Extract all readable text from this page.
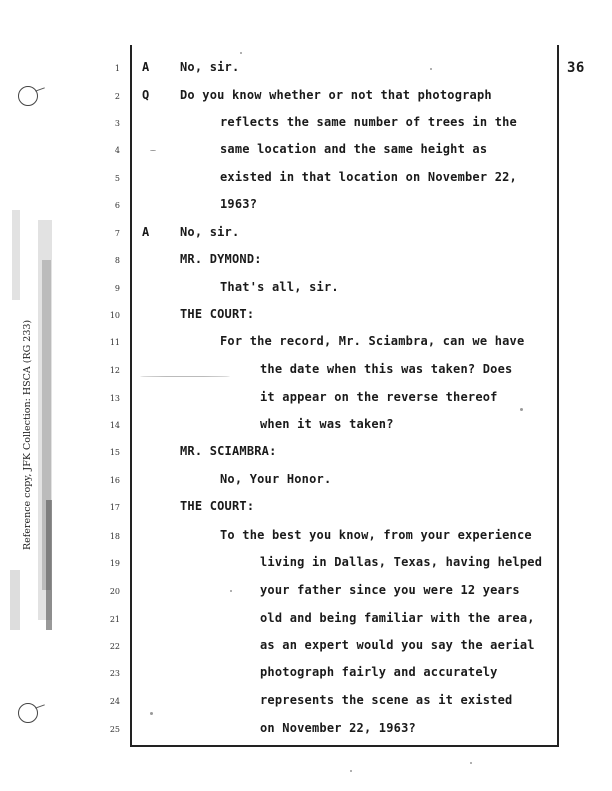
Reference copy, JFK Collection: HSCA (RG 233)
36
1 A	No, sir.
2 Q	Do you know whether or not that photograph
3	reflects the same number of trees in the
4	same location and the same height as
5	existed in that location on November 22,
6	1963?
7 A	No, sir.
8	MR. DYMOND:
9	That's all, sir.
10	THE COURT:
11	For the record, Mr. Sciambra, can we have
12	the date when this was taken? Does
13	it appear on the reverse thereof
14	when it was taken?
15	MR. SCIAMBRA:
16	No, Your Honor.
17	THE COURT:
18	To the best you know, from your experience
19	living in Dallas, Texas, having helped
20	your father since you were 12 years
21	old and being familiar with the area,
22	as an expert would you say the aerial
23	photograph fairly and accurately
24	represents the scene as it existed
25	on November 22, 1963?
